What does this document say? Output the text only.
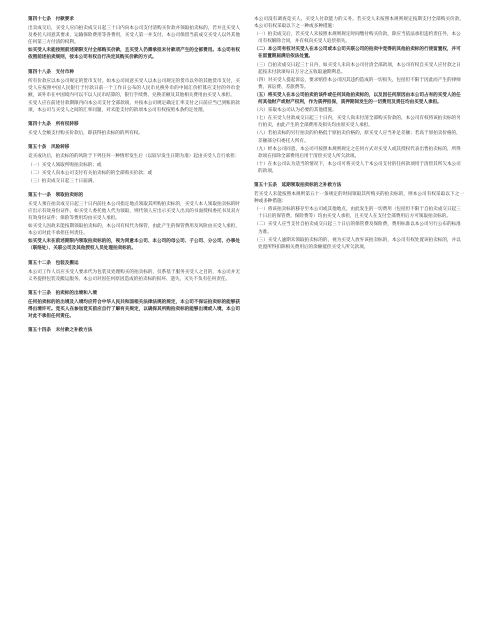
第四十七条　付款要求
出卖成交后，买受人应向拍卖成交日起三十日内向本公司支付清购买价款并领取拍卖标的，若并且买受人及委托人同意其要求，运输保险费用等各费用，买受人第一并支付。本公司保留当前成交买受人以外其他任何第三方付清的权利。
如买受人未能按照前述期限支付全部购买价款，且买受人仍需承担未付款项产生的全部费用。本公司有权依照前述拍卖规则，按本公司有权自行决定其购买价款的方式。
第四十八条　支付币种
所有价款应以本公司规定的货币支付。如本公司同意买受人以本公司规定的货币以外的其他货币支付，买受人应按照中国人民银行于付款日前一个工作日公布的人民币兑换外币的中间汇价折算应支付的外币金额，该外币在中国境内可以不以人民币结算的，银行手续费、兑换差额及其他相关费用由买受人承担。
买受人应在前述付款期限内向本公司支付全部款项，并按本公司规定确定汇率支付之日前应当已到账的款项，本公司与买受人之间的汇率问题，对未能支付的款项本公司有权按照本条约定处理。
第四十九条　所有权转移
买受人全额支付购买价款后，即获得拍卖标的的所有权。
第五十条　风险转移
竞买成功后，拍卖标的的风险于下列任何一种情形发生后（以较早发生日期为准）起由买受人自行承担：
（一）买受人领取所购拍卖标的；或
（二）买受人向本公司支付有关拍卖标的的全部购买价款；或
（三）拍卖成交日起三十日届满。
第五十一条　领取拍卖标的
买受人须在拍卖成交日起三十日内前往本公司指定地点领取其所购拍卖标的，买受人本人领取拍卖标的时应出示有效身份证件。如买受人委托他人代为领取，则代领人应出示买受人出具的书面授权委托书及双方有效身份证件；保险等费用均由买受人承担。
如买受人因故未能按期领取拍卖标的，本公司有权代为保管，由此产生的保管费用及风险由买受人承担，本公司对此不承担任何责任。
如买受人未在前述期限内领取拍卖标的的，视为同意本公司、本公司的母公司、子公司、分公司、办事处（联络处）、关联公司及其他授权人员处理拍卖标的。
第五十二条　包装及搬运
本公司工作人员应买受人要求代为包装及处理购买的拍卖标的，仅系基于服务买受人之目的，本公司并无义务提供包装及搬运服务。本公司对因任何原因造成的拍卖标的损坏、遗失、灭失不负有任何责任。
第五十三条　拍卖标的出境和入境
任何拍卖标的的出境及入境均应符合中华人民共和国相关法律法规的规定，本公司不保证拍卖标的能够获得出境许可。竞买人在参加竞买前应自行了解有关规定，以确保其所购拍卖标的能够出境或入境，本公司对此不承担任何责任。
第五十四条　未付款之补救方法
本公司没有调查竞买人、买受人付款能力的义务。若买受人未按照本规则规定按期支付全部购买价款，本公司有权采取以下之一种或多种措施：
（一）拍卖成交后，若买受人未按照本规则规定时间缴付购买价款，除应当依法承担违约责任外，本公司有权解除合同，并有权向买受人追偿损失。
（二）本公司有权对买受人在本公司或本公司关联公司的拍卖中竞得的其他拍卖标的行使留置权，并可在留置期届满后依法处置。
（三）自拍卖成交日起三十日内，如买受人未向本公司付清全部款项，本公司有权自买受人应付款之日起按未付款项每日万分之五收取逾期利息。
（四）对买受人提起诉讼，要求赔偿本公司因其违约造成的一切损失，包括但不限于因此而产生的律师费、诉讼费、差旅费等。
（五）将买受人在本公司拍卖的该件或任何其他拍卖标的，以及因任何原因由本公司占有的买受人的任何其他财产或财产权利，作为质押担保，质押期间发生的一切费用及责任均由买受人承担。
（六）采取本公司认为必要的其他措施。
（七）在买受人付款成交日起三十日内，买受人尚未付清全部购买价款的，本公司有权将该拍卖标的另行拍卖，由此产生的全部费用及损失均由原买受人承担。
（八）若拍卖标的另行拍卖的价格低于原拍卖价格的，原买受人应当补足差额；若高于原拍卖价格的，差额部分归委托人所有。
（九）经本公司同意，本公司可按照本规则规定之任何方式对买受人或其授权代表出售拍卖标的，所得款项在扣除全部费用后用于清偿买受人所欠款项。
（十）在本公司认为适当的情况下，本公司可将买受人于本公司支付的任何款项用于清偿其所欠本公司的款项。
第五十五条　延期领取拍卖标的之补救方法
若买受人未能按照本规则第五十一条规定的时间领取其所购买的拍卖标的，则本公司有权采取以下之一种或多种措施：
（一）将该拍卖标的移存至本公司或其他地点，由此发生的一切费用（包括但不限于自拍卖成交日起三十日后的保管费、保险费等）均由买受人承担，且买受人在支付全部费用后方可领取拍卖标的。
（二）买受人应当支付自拍卖成交日起三十日后的保管费及保险费，费用标准以本公司另行公布的标准为准。
（三）买受人逾期未领取拍卖标的的，视为买受人放弃该拍卖标的，本公司有权处置该拍卖标的，并以处置所得扣除相关费用后的余额抵偿买受人所欠款项。
